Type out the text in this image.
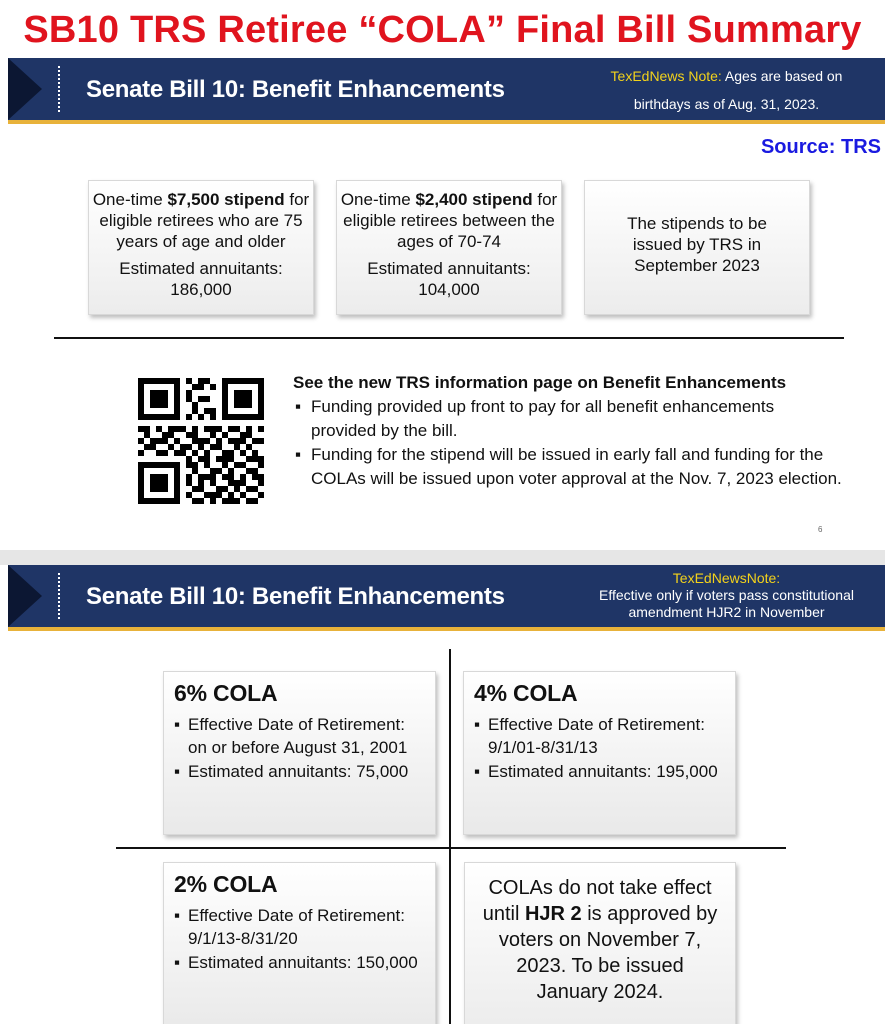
SB10 TRS Retiree “COLA” Final Bill Summary
Senate Bill 10: Benefit Enhancements	TexEdNews Note: Ages are based on
birthdays as of Aug. 31, 2023.
Source: TRS
One-time $7,500 stipend for eligible retirees who are 75 years of age and older
Estimated annuitants:
186,000
One-time $2,400 stipend for eligible retirees between the ages of 70-74
Estimated annuitants:
104,000
The stipends to be issued by TRS in September 2023
See the new TRS information page on Benefit Enhancements
▪ Funding provided up front to pay for all benefit enhancements provided by the bill.
▪ Funding for the stipend will be issued in early fall and funding for the COLAs will be issued upon voter approval at the Nov. 7, 2023 election.
6
Senate Bill 10: Benefit Enhancements
TexEdNewsNote:
Effective only if voters pass constitutional
amendment HJR2 in November
6% COLA
▪ Effective Date of Retirement: on or before August 31, 2001
▪ Estimated annuitants: 75,000
4% COLA
▪ Effective Date of Retirement: 9/1/01-8/31/13
▪ Estimated annuitants: 195,000
2% COLA
▪ Effective Date of Retirement: 9/1/13-8/31/20
▪ Estimated annuitants: 150,000
COLAs do not take effect until HJR 2 is approved by voters on November 7, 2023. To be issued January 2024.
